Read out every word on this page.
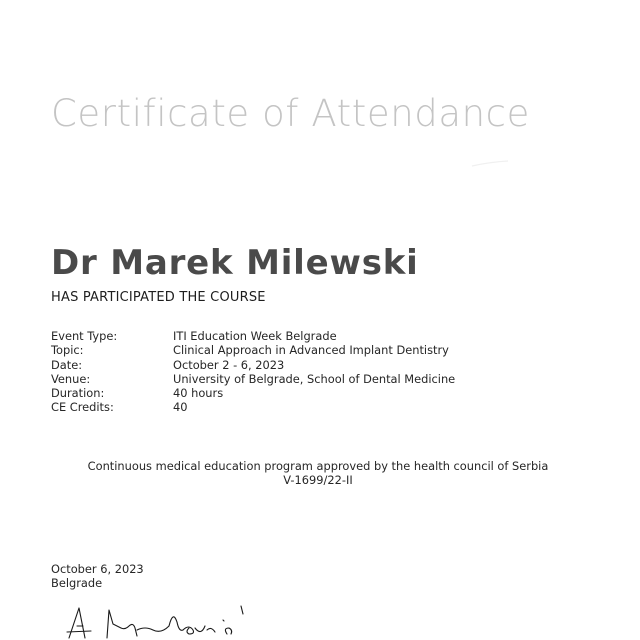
Certificate of Attendance
Dr Marek Milewski
HAS PARTICIPATED THE COURSE
Event Type:	ITI Education Week Belgrade
Topic:	Clinical Approach in Advanced Implant Dentistry
Date:	October 2 - 6, 2023
Venue:	University of Belgrade, School of Dental Medicine
Duration:	40 hours
CE Credits:	40
Continuous medical education program approved by the health council of Serbia
V-1699/22-II
October 6, 2023
Belgrade
